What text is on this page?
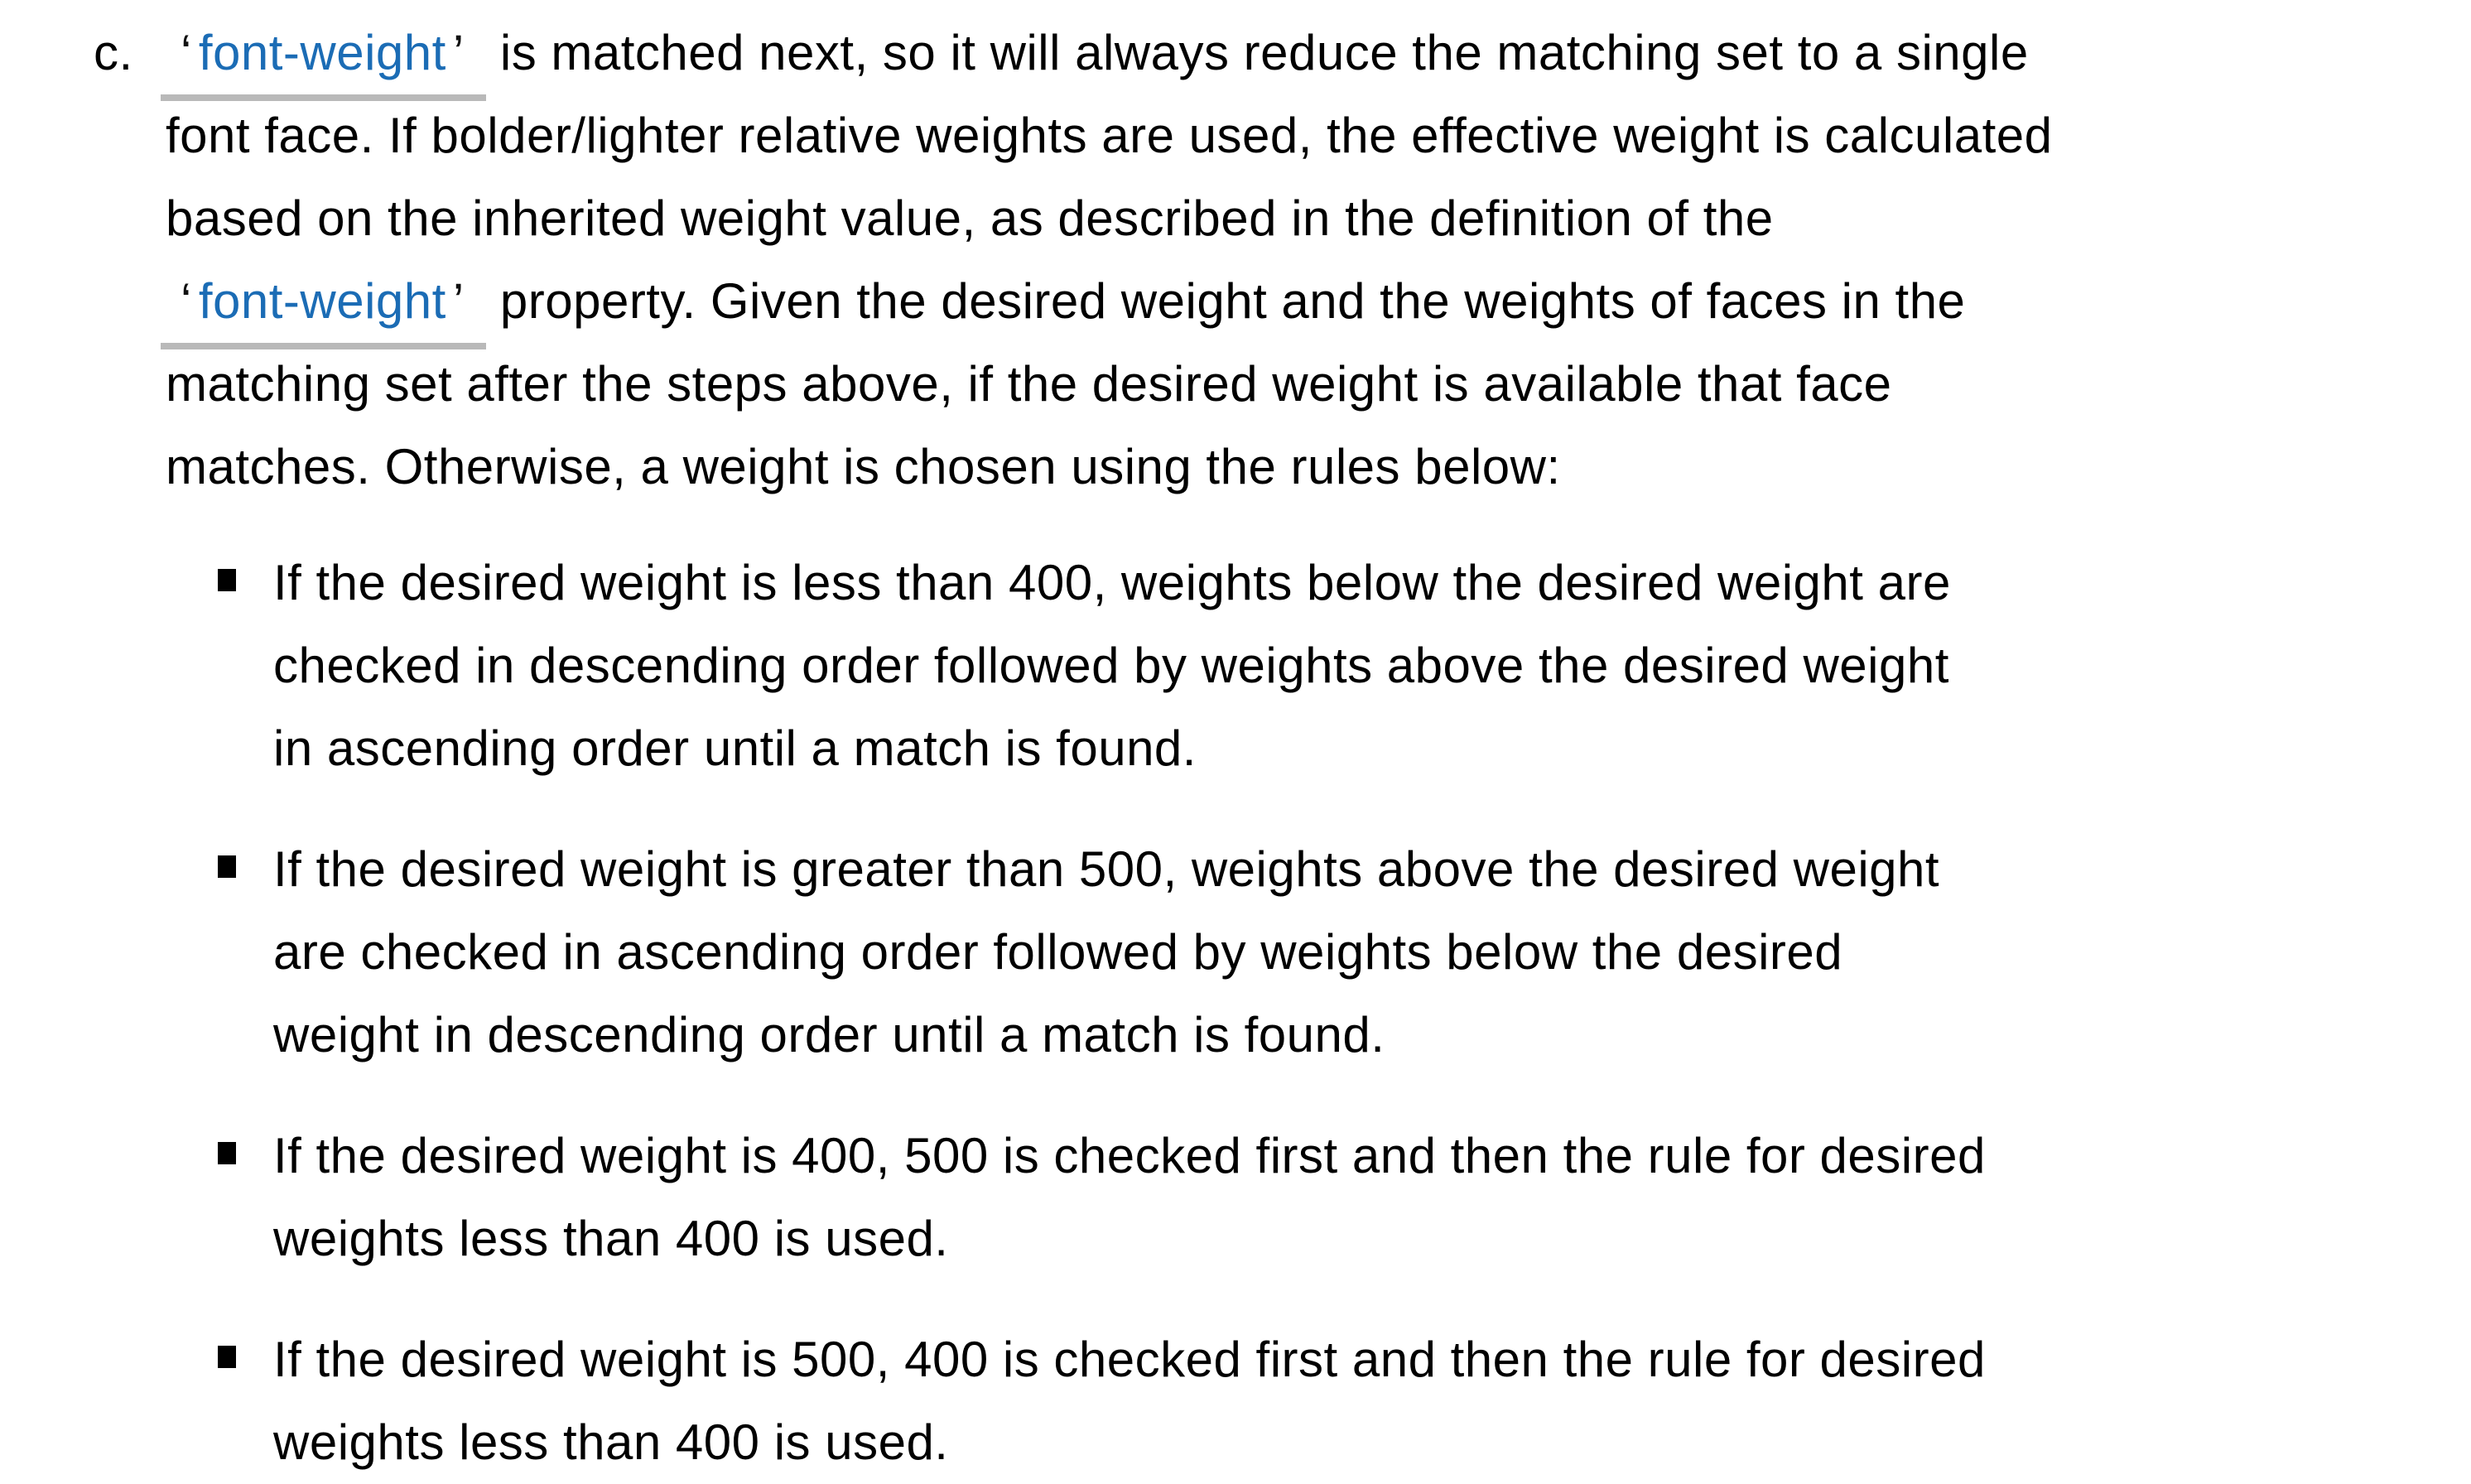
c. ‘ font-weight ’ is matched next, so it will always reduce the matching set to a single
font face. If bolder/lighter relative weights are used, the effective weight is calculated
based on the inherited weight value, as described in the definition of the
‘ font-weight ’ property. Given the desired weight and the weights of faces in the
matching set after the steps above, if the desired weight is available that face
matches. Otherwise, a weight is chosen using the rules below:
If the desired weight is less than 400, weights below the desired weight are
checked in descending order followed by weights above the desired weight
in ascending order until a match is found.
If the desired weight is greater than 500, weights above the desired weight
are checked in ascending order followed by weights below the desired
weight in descending order until a match is found.
If the desired weight is 400, 500 is checked first and then the rule for desired
weights less than 400 is used.
If the desired weight is 500, 400 is checked first and then the rule for desired
weights less than 400 is used.
